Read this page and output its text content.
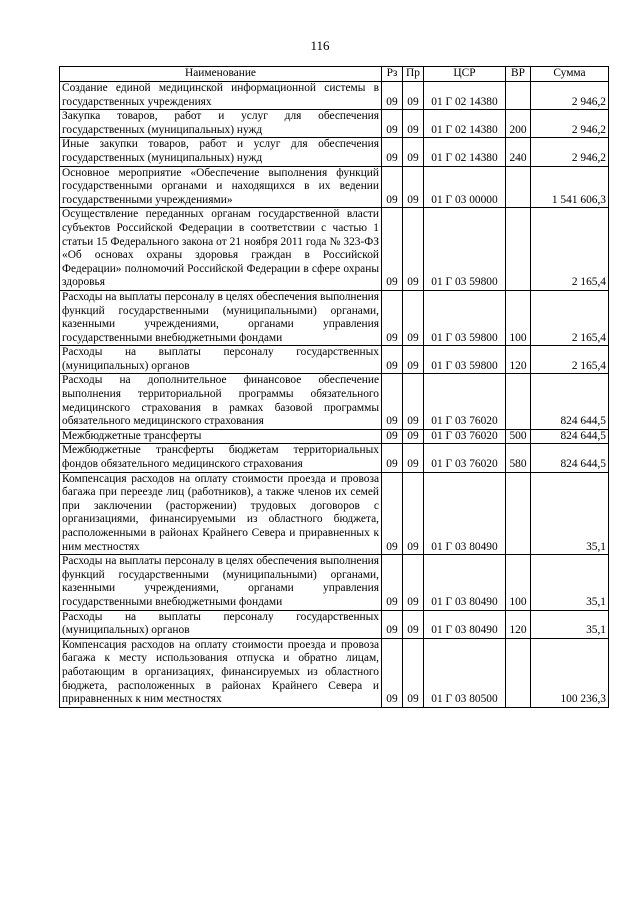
116
Наименование	Рз	Пр	ЦСР	ВР	Сумма
Создание единой медицинской информационной системы в государственных учреждениях	09	09	01 Г 02 14380		2 946,2
Закупка товаров, работ и услуг для обеспечения государственных (муниципальных) нужд	09	09	01 Г 02 14380	200	2 946,2
Иные закупки товаров, работ и услуг для обеспечения государственных (муниципальных) нужд	09	09	01 Г 02 14380	240	2 946,2
Основное мероприятие «Обеспечение выполнения функций государственными органами и находящихся в их ведении государственными учреждениями»	09	09	01 Г 03 00000		1 541 606,3
Осуществление переданных органам государственной власти субъектов Российской Федерации в соответствии с частью 1 статьи 15 Федерального закона от 21 ноября 2011 года № 323-ФЗ «Об основах охраны здоровья граждан в Российской Федерации» полномочий Российской Федерации в сфере охраны здоровья	09	09	01 Г 03 59800		2 165,4
Расходы на выплаты персоналу в целях обеспечения выполнения функций государственными (муниципальными) органами, казенными учреждениями, органами управления государственными внебюджетными фондами	09	09	01 Г 03 59800	100	2 165,4
Расходы на выплаты персоналу государственных (муниципальных) органов	09	09	01 Г 03 59800	120	2 165,4
Расходы на дополнительное финансовое обеспечение выполнения территориальной программы обязательного медицинского страхования в рамках базовой программы обязательного медицинского страхования	09	09	01 Г 03 76020		824 644,5
Межбюджетные трансферты	09	09	01 Г 03 76020	500	824 644,5
Межбюджетные трансферты бюджетам территориальных фондов обязательного медицинского страхования	09	09	01 Г 03 76020	580	824 644,5
Компенсация расходов на оплату стоимости проезда и провоза багажа при переезде лиц (работников), а также членов их семей при заключении (расторжении) трудовых договоров с организациями, финансируемыми из областного бюджета, расположенными в районах Крайнего Севера и приравненных к ним местностях	09	09	01 Г 03 80490		35,1
Расходы на выплаты персоналу в целях обеспечения выполнения функций государственными (муниципальными) органами, казенными учреждениями, органами управления государственными внебюджетными фондами	09	09	01 Г 03 80490	100	35,1
Расходы на выплаты персоналу государственных (муниципальных) органов	09	09	01 Г 03 80490	120	35,1
Компенсация расходов на оплату стоимости проезда и провоза багажа к месту использования отпуска и обратно лицам, работающим в организациях, финансируемых из областного бюджета, расположенных в районах Крайнего Севера и приравненных к ним местностях	09	09	01 Г 03 80500		100 236,3
